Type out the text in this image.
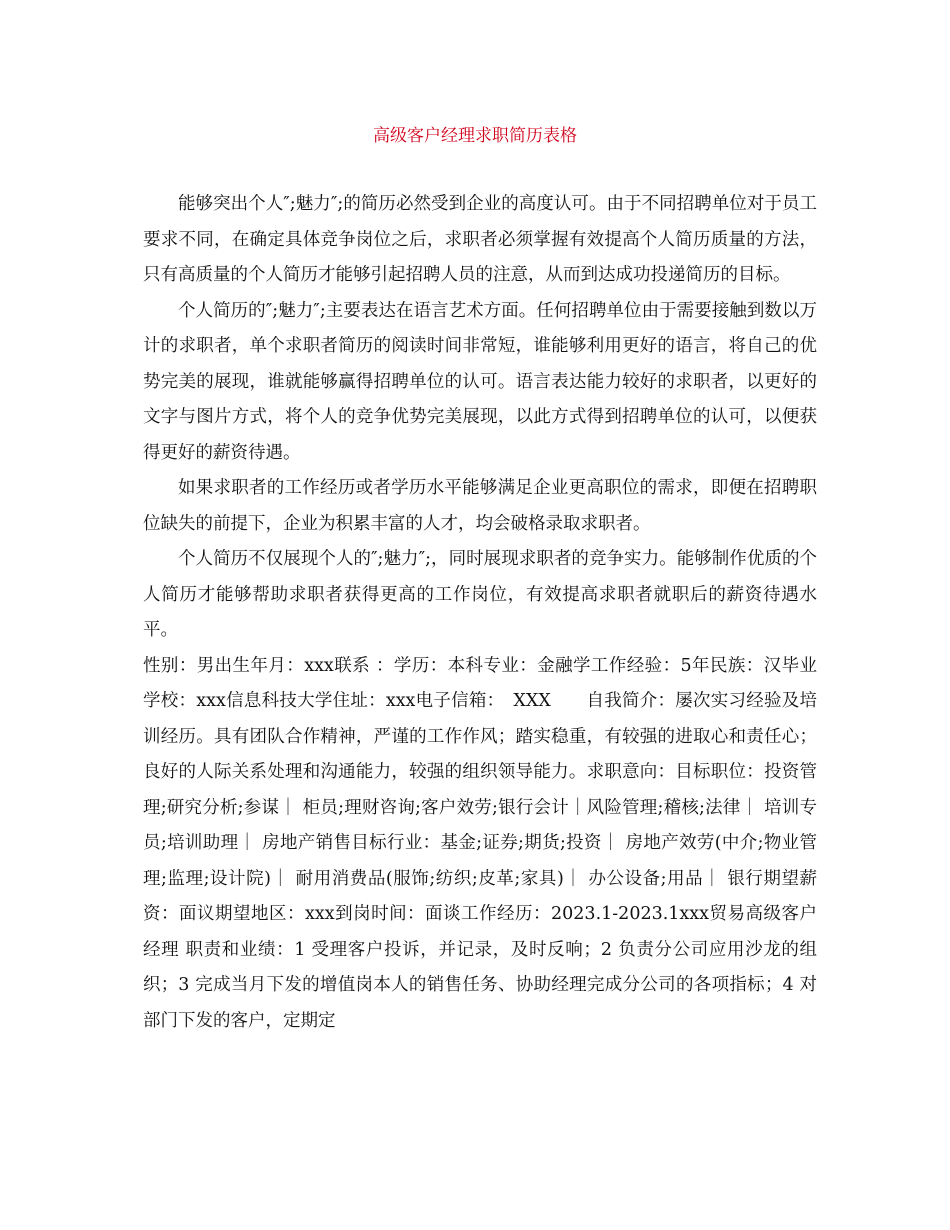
高级客户经理求职简历表格

能够突出个人″;魅力″;的简历必然受到企业的高度认可。由于不同招聘单位对于员工要求不同，在确定具体竞争岗位之后，求职者必须掌握有效提高个人简历质量的方法，只有高质量的个人简历才能够引起招聘人员的注意，从而到达成功投递简历的目标。

个人简历的″;魅力″;主要表达在语言艺术方面。任何招聘单位由于需要接触到数以万计的求职者，单个求职者简历的阅读时间非常短，谁能够利用更好的语言，将自己的优势完美的展现，谁就能够赢得招聘单位的认可。语言表达能力较好的求职者，以更好的文字与图片方式，将个人的竞争优势完美展现，以此方式得到招聘单位的认可，以便获得更好的薪资待遇。

如果求职者的工作经历或者学历水平能够满足企业更高职位的需求，即便在招聘职位缺失的前提下，企业为积累丰富的人才，均会破格录取求职者。

个人简历不仅展现个人的″;魅力″;，同时展现求职者的竞争实力。能够制作优质的个人简历才能够帮助求职者获得更高的工作岗位，有效提高求职者就职后的薪资待遇水平。

性别：男出生年月：xxx联系 ：学历：本科专业：金融学工作经验：5年民族：汉毕业学校：xxx信息科技大学住址：xxx电子信箱：　XXX　　自我简介：屡次实习经验及培训经历。具有团队合作精神，严谨的工作作风；踏实稳重，有较强的进取心和责任心；良好的人际关系处理和沟通能力，较强的组织领导能力。求职意向：目标职位：投资管理;研究分析;参谋｜ 柜员;理财咨询;客户效劳;银行会计｜风险管理;稽核;法律｜ 培训专员;培训助理｜ 房地产销售目标行业：基金;证券;期货;投资｜ 房地产效劳(中介;物业管理;监理;设计院)｜ 耐用消费品(服饰;纺织;皮革;家具)｜ 办公设备;用品｜ 银行期望薪资：面议期望地区：xxx到岗时间：面谈工作经历：2023.1-2023.1xxx贸易高级客户经理 职责和业绩：1 受理客户投诉，并记录，及时反响；2 负责分公司应用沙龙的组织；3 完成当月下发的增值岗本人的销售任务、协助经理完成分公司的各项指标；4 对部门下发的客户，定期定
